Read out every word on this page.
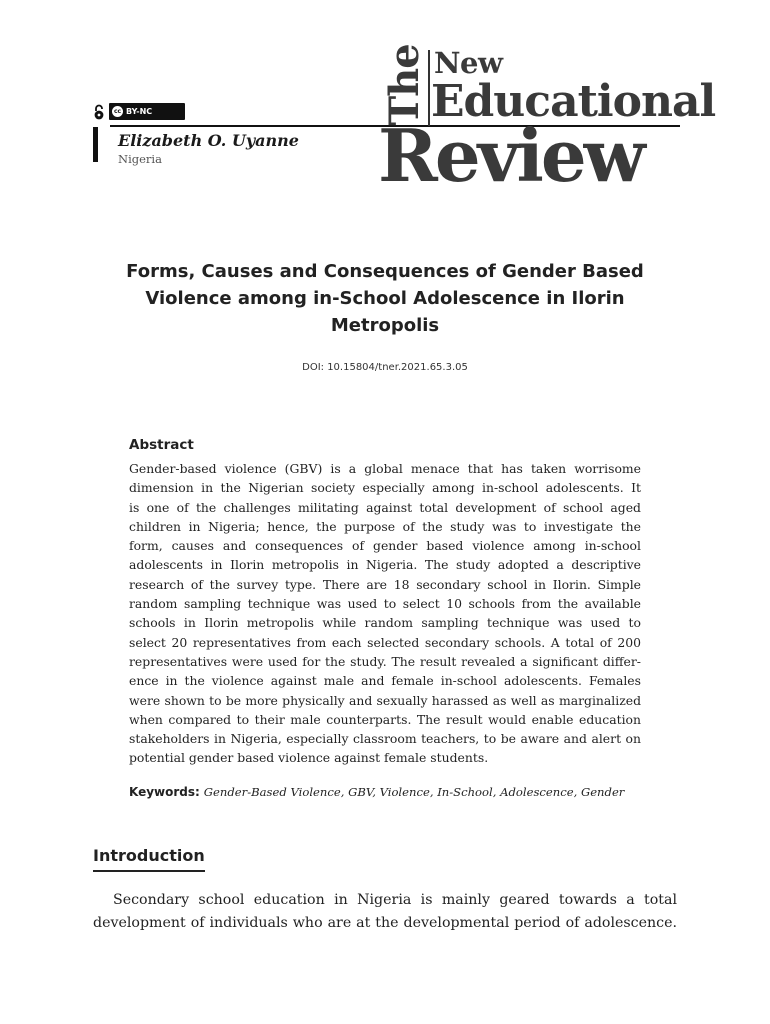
cc BY-NC
Elizabeth O. Uyanne
Nigeria
The New
Educational
Review
Forms, Causes and Consequences of Gender Based
Violence among in-School Adolescence in Ilorin
Metropolis
DOI: 10.15804/tner.2021.65.3.05
Abstract
Gender-based violence (GBV) is a global menace that has taken worrisome
dimension in the Nigerian society especially among in-school adolescents. It
is one of the challenges militating against total development of school aged
children in Nigeria; hence, the purpose of the study was to investigate the
form, causes and consequences of gender based violence among in-school
adolescents in Ilorin metropolis in Nigeria. The study adopted a descriptive
research of the survey type. There are 18 secondary school in Ilorin. Simple
random sampling technique was used to select 10 schools from the available
schools in Ilorin metropolis while random sampling technique was used to
select 20 representatives from each selected secondary schools. A total of 200
representatives were used for the study. The result revealed a significant differ-
ence in the violence against male and female in-school adolescents. Females
were shown to be more physically and sexually harassed as well as marginalized
when compared to their male counterparts. The result would enable education
stakeholders in Nigeria, especially classroom teachers, to be aware and alert on
potential gender based violence against female students.
Keywords: Gender-Based Violence, GBV, Violence, In-School, Adolescence, Gender
Introduction
Secondary school education in Nigeria is mainly geared towards a total
development of individuals who are at the developmental period of adolescence.
